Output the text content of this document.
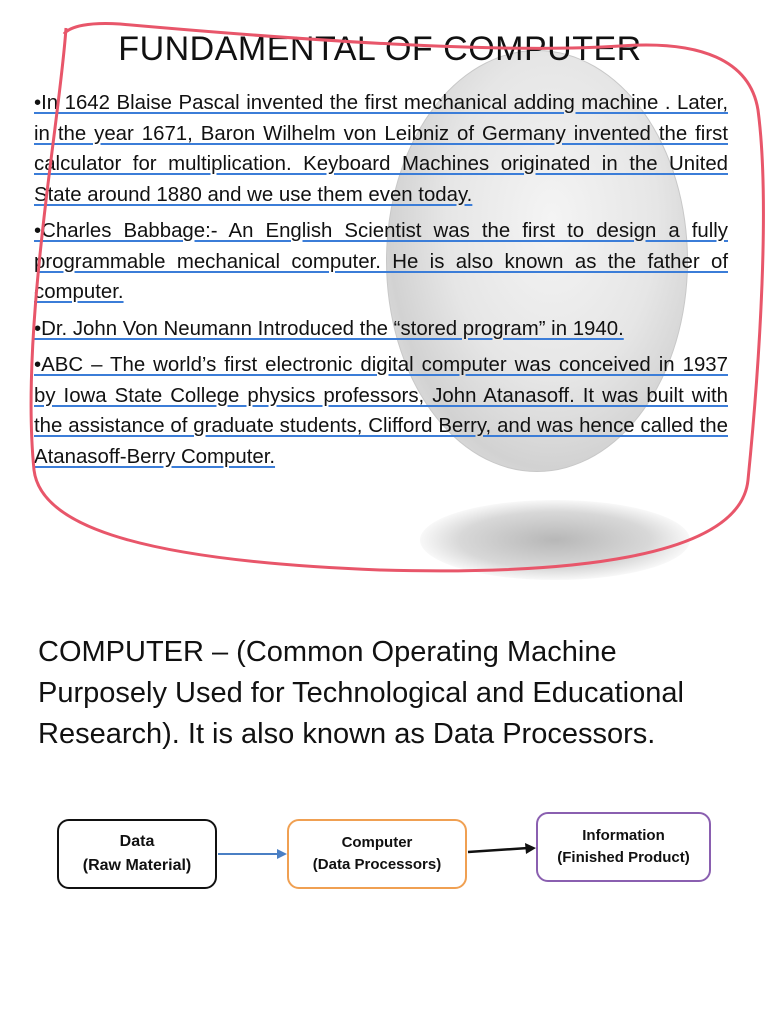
FUNDAMENTAL OF COMPUTER

•In 1642 Blaise Pascal invented the first mechanical adding machine . Later, in the year 1671, Baron Wilhelm von Leibniz of Germany invented the first calculator for multiplication. Keyboard Machines originated in the United State around 1880 and we use them even today.

•Charles Babbage:- An English Scientist was the first to design a fully programmable mechanical computer. He is also known as the father of computer.

•Dr. John Von Neumann Introduced the “stored program” in 1940.

•ABC – The world’s first electronic digital computer was conceived in 1937 by Iowa State College physics professors, John Atanasoff. It was built with the assistance of graduate students, Clifford Berry, and was hence called the Atanasoff-Berry Computer.

COMPUTER – (Common Operating Machine Purposely Used for Technological and Educational Research). It is also known as Data Processors.
Data
(Raw Material)
Computer
(Data Processors)
Information
(Finished Product)
